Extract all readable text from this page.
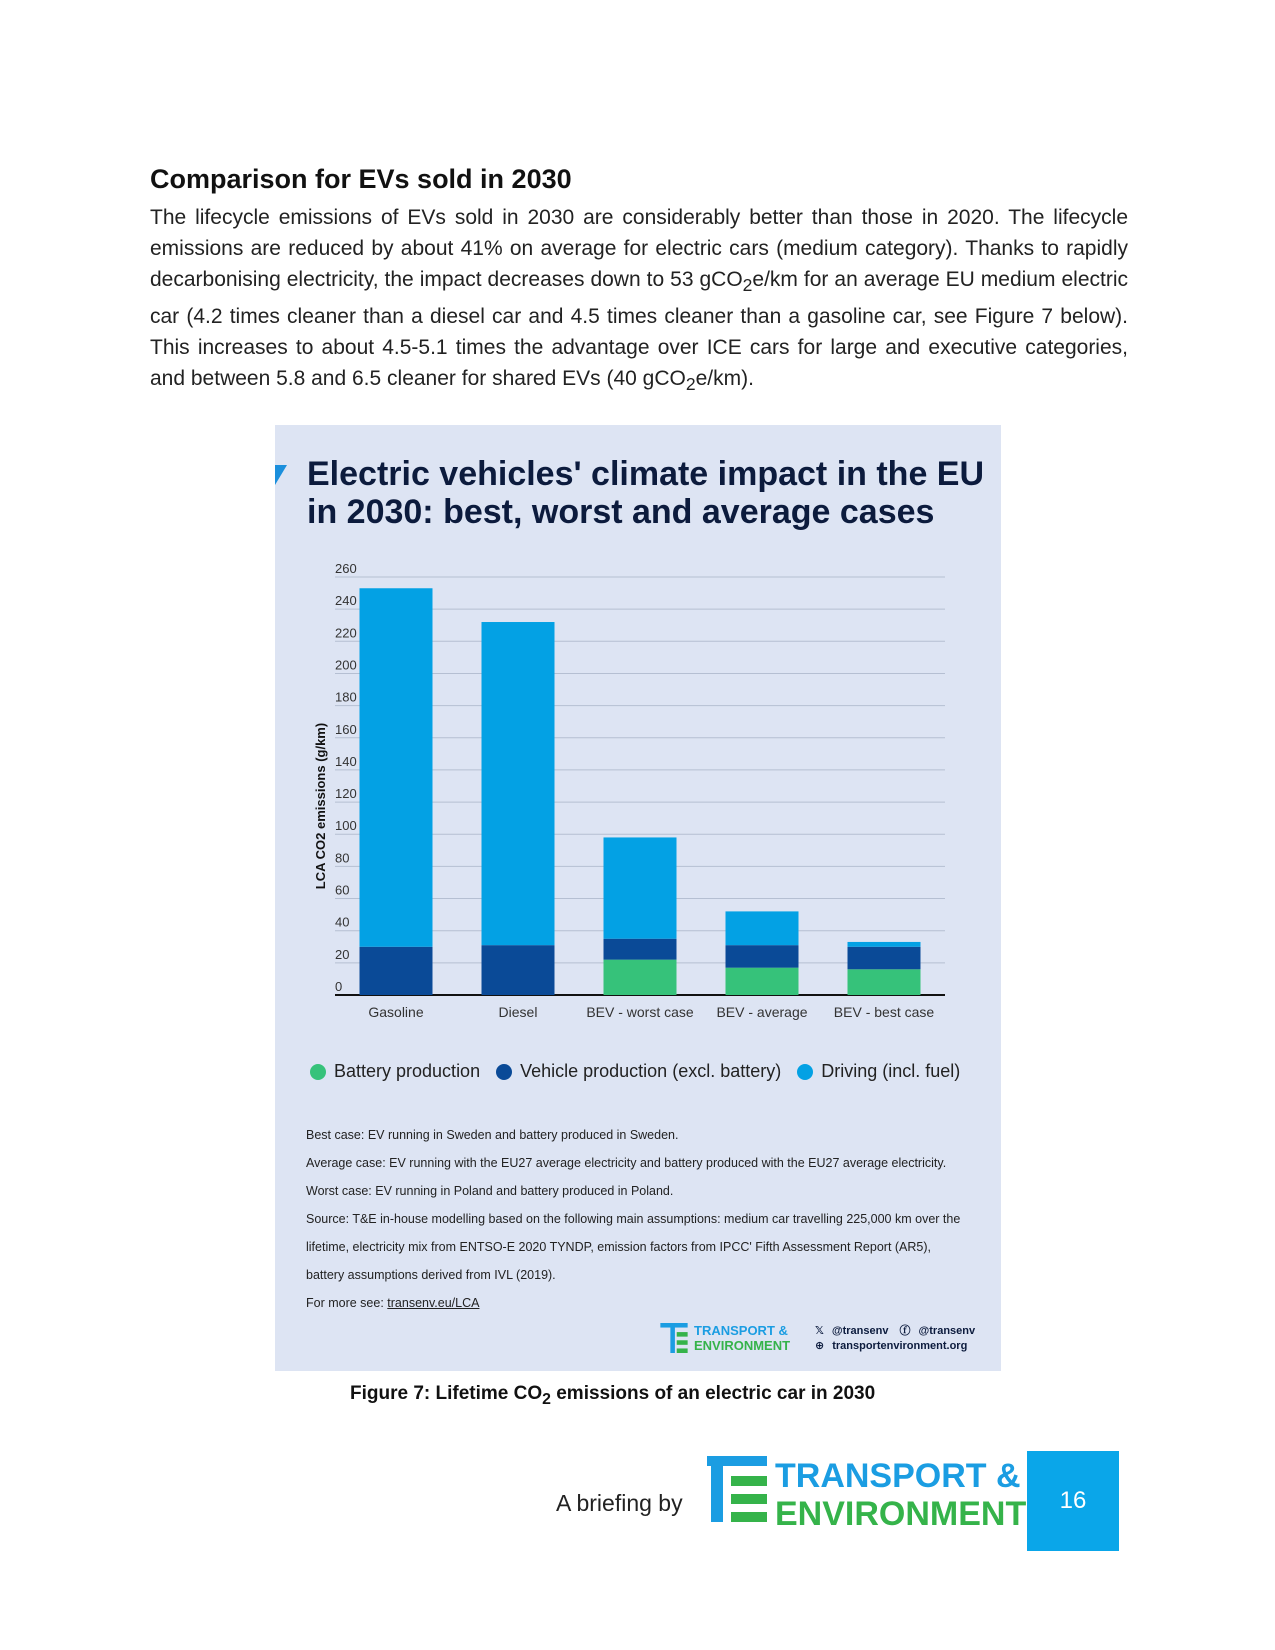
Comparison for EVs sold in 2030

The lifecycle emissions of EVs sold in 2030 are considerably better than those in 2020. The lifecycle emissions are reduced by about 41% on average for electric cars (medium category). Thanks to rapidly decarbonising electricity, the impact decreases down to 53 gCO$_2$e/km for an average EU medium electric car (4.2 times cleaner than a diesel car and 4.5 times cleaner than a gasoline car, see Figure 7 below). This increases to about 4.5-5.1 times the advantage over ICE cars for large and executive categories, and between 5.8 and 6.5 cleaner for shared EVs (40 gCO$_2$e/km).

Electric vehicles' climate impact in the EU in 2030: best, worst and average cases
0
20
40
60
80
100
120
140
160
180
200
220
240
260
LCA CO2 emissions (g/km)
Gasoline	Diesel	BEV - worst case BEV - average BEV - best case
Battery production Vehicle production (excl. battery) Driving (incl. fuel)

Best case: EV running in Sweden and battery produced in Sweden.

Average case: EV running with the EU27 average electricity and battery produced with the EU27 average electricity.

Worst case: EV running in Poland and battery produced in Poland.

Source: T&E in-house modelling based on the following main assumptions: medium car travelling 225,000 km over the lifetime, electricity mix from ENTSO-E 2020 TYNDP, emission factors from IPCC' Fifth Assessment Report (AR5), battery assumptions derived from IVL (2019).

For more see: transenv.eu/LCA

TRANSPORT &
ENVIRONMENT
𝕏 @transenv ⓕ @transenv
⊕ transportenvironment.org

Figure 7: Lifetime $CO_2$ emissions of an electric car in 2030

A briefing by
TRANSPORT &
ENVIRONMENT	16
